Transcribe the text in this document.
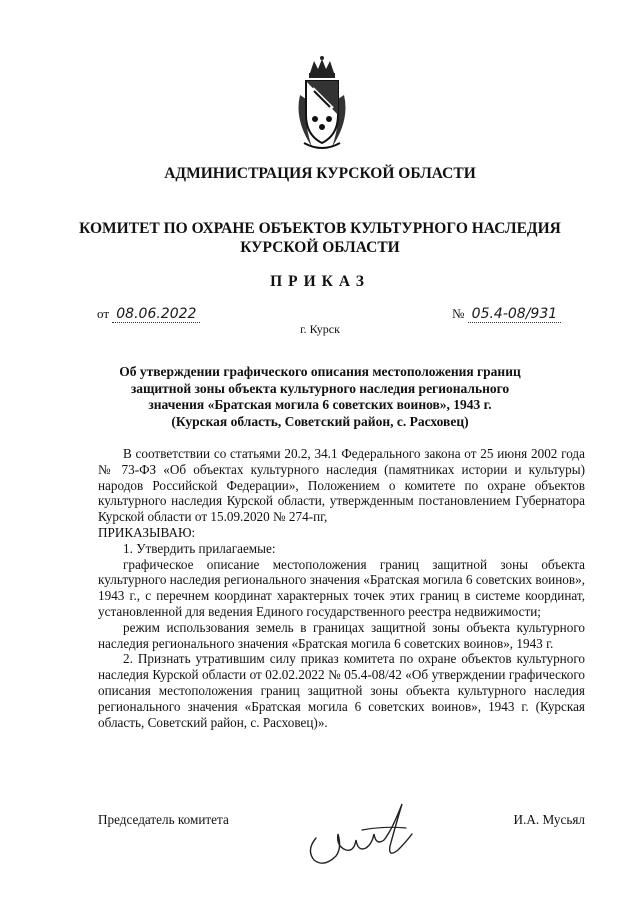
АДМИНИСТРАЦИЯ КУРСКОЙ ОБЛАСТИ
КОМИТЕТ ПО ОХРАНЕ ОБЪЕКТОВ КУЛЬТУРНОГО НАСЛЕДИЯ
КУРСКОЙ ОБЛАСТИ
ПРИКАЗ
от 08.06.2022	№ 05.4-08/931
г. Курск
Об утверждении графического описания местоположения границ
защитной зоны объекта культурного наследия регионального
значения «Братская могила 6 советских воинов», 1943 г.
(Курская область, Советский район, с. Расховец)

В соответствии со статьями 20.2, 34.1 Федерального закона от 25 июня 2002 года № 73-ФЗ «Об объектах культурного наследия (памятниках истории и культуры) народов Российской Федерации», Положением о комитете по охране объектов культурного наследия Курской области, утвержденным постановлением Губернатора Курской области от 15.09.2020 № 274-пг,

ПРИКАЗЫВАЮ:

1. Утвердить прилагаемые:

графическое описание местоположения границ защитной зоны объекта культурного наследия регионального значения «Братская могила 6 советских воинов», 1943 г., с перечнем координат характерных точек этих границ в системе координат, установленной для ведения Единого государственного реестра недвижимости;

режим использования земель в границах защитной зоны объекта культурного наследия регионального значения «Братская могила 6 советских воинов», 1943 г.

2. Признать утратившим силу приказ комитета по охране объектов культурного наследия Курской области от 02.02.2022 № 05.4-08/42 «Об утверждении графического описания местоположения границ защитной зоны объекта культурного наследия регионального значения «Братская могила 6 советских воинов», 1943 г. (Курская область, Советский район, с. Расховец)».

Председатель комитета	И.А. Мусьял
